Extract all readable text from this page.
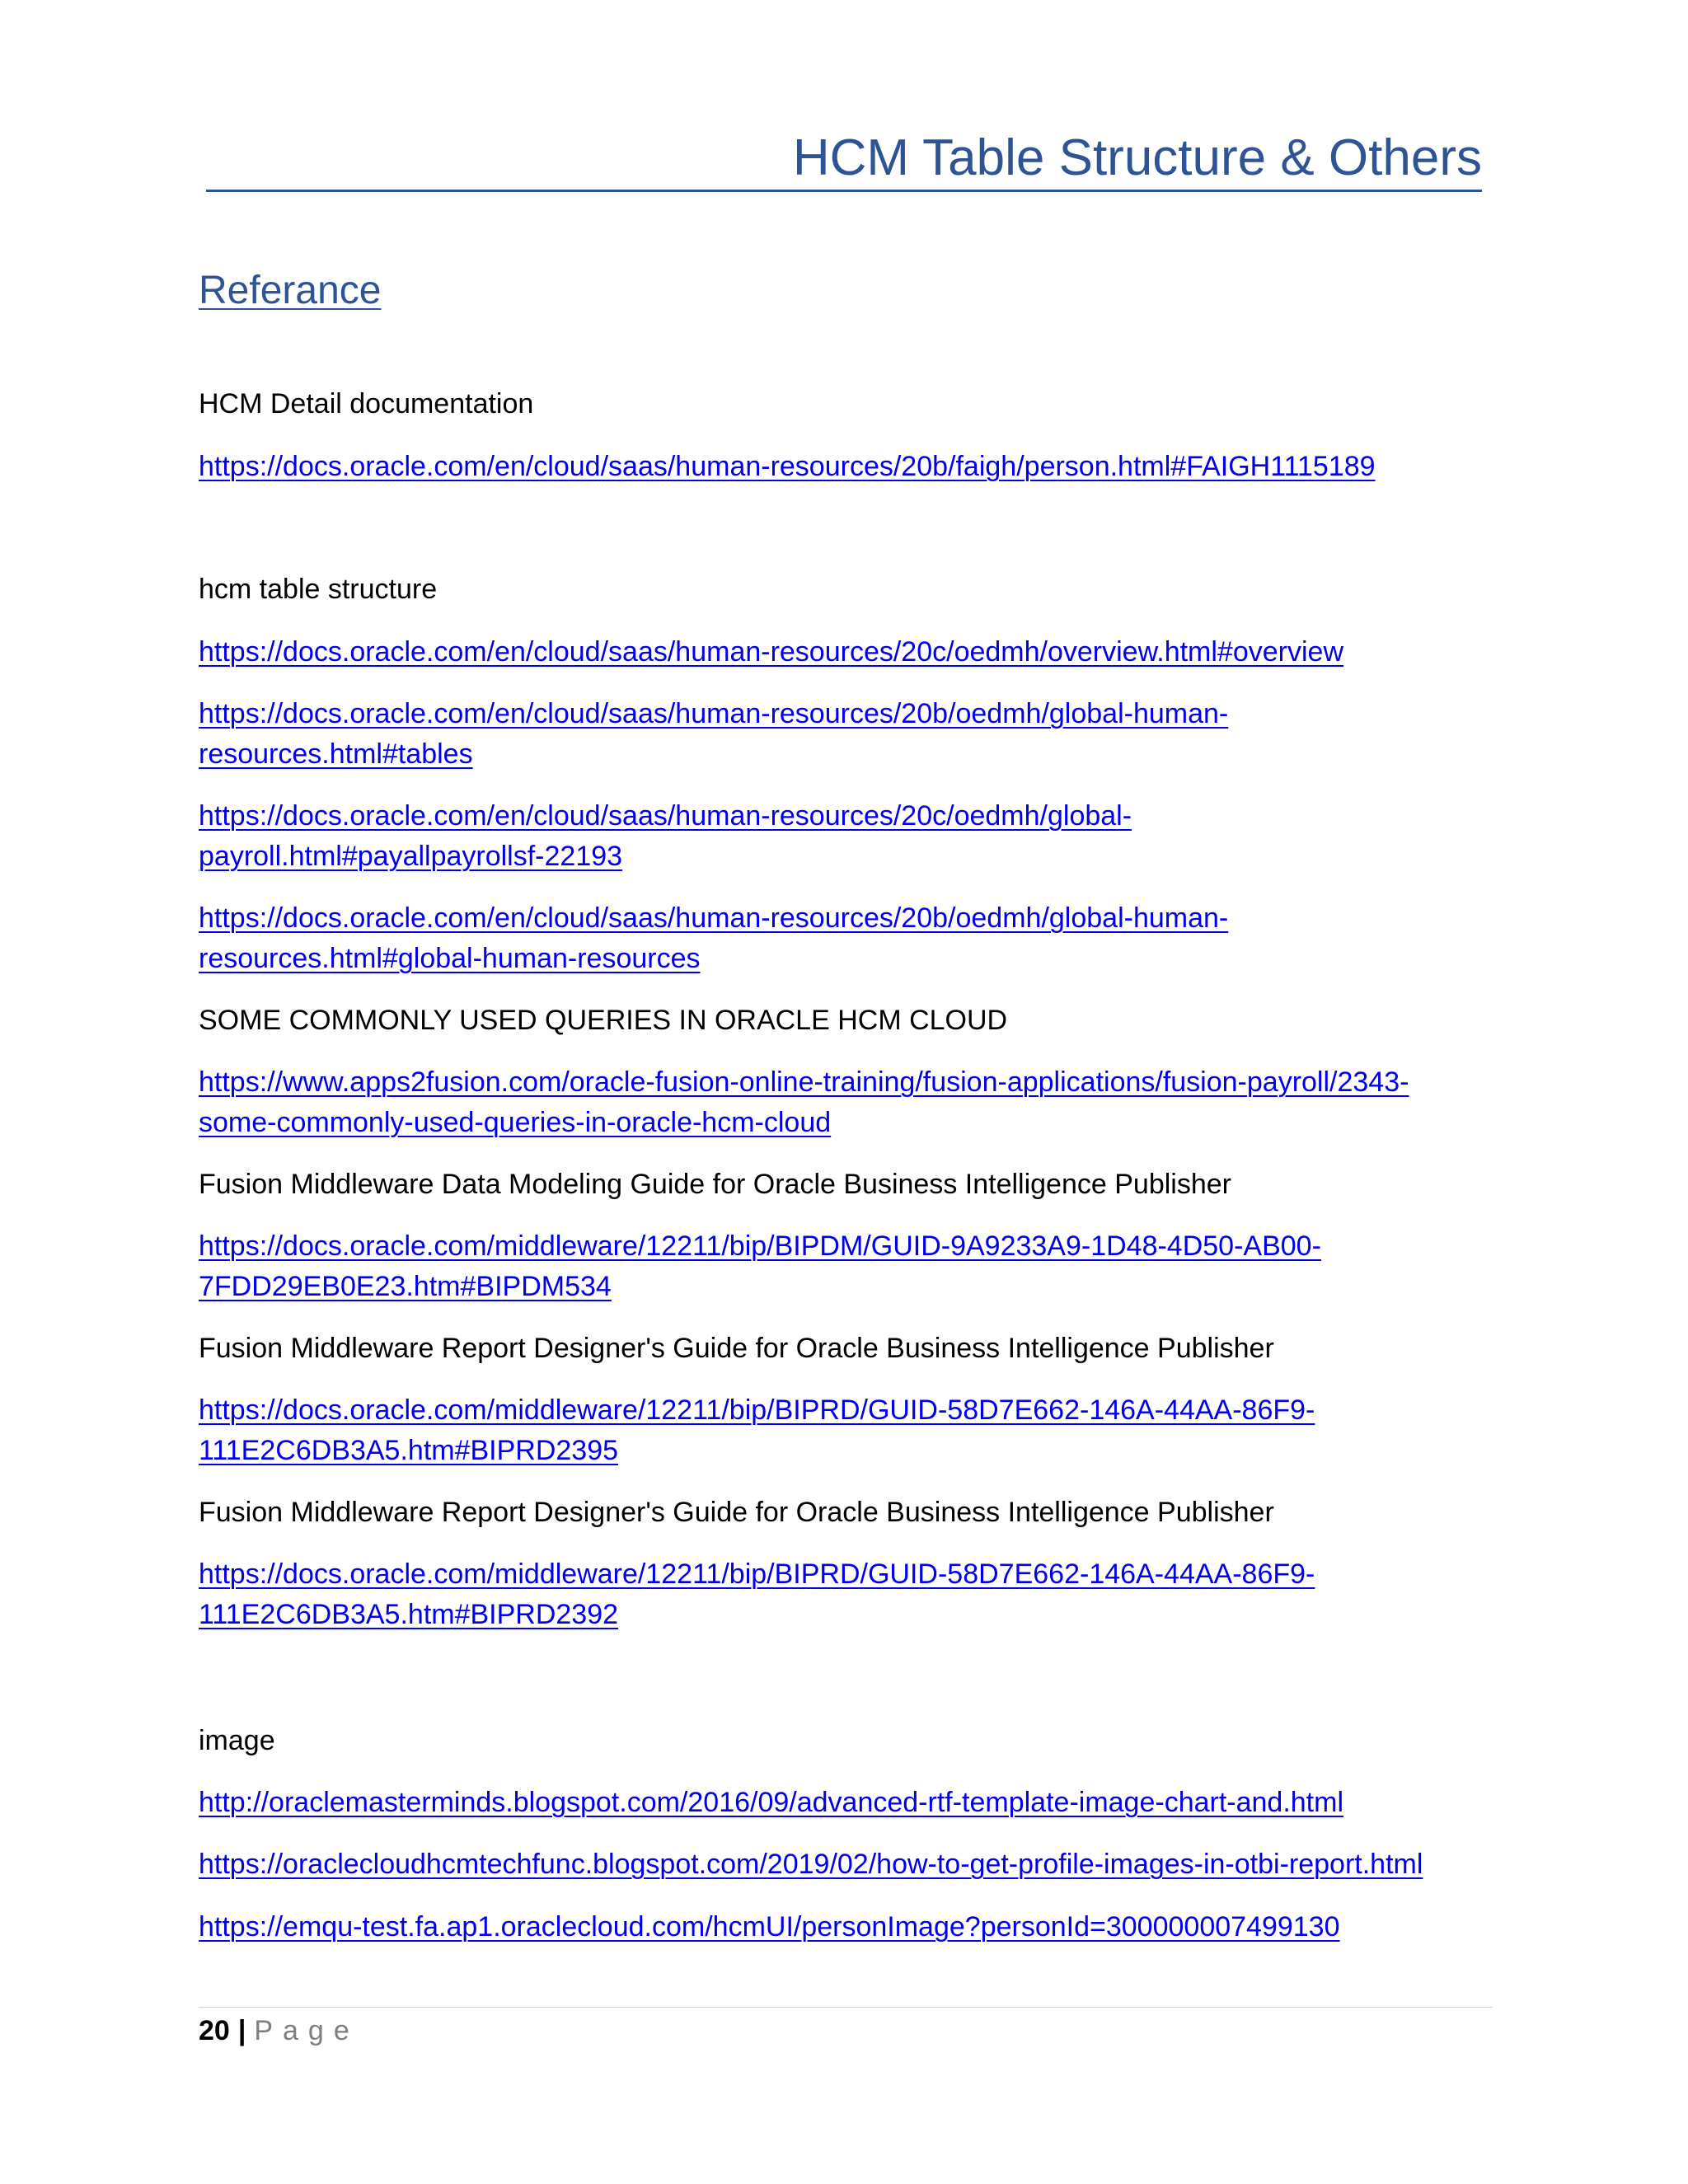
HCM Table Structure & Others
Referance
HCM Detail documentation
https://docs.oracle.com/en/cloud/saas/human-resources/20b/faigh/person.html#FAIGH1115189
hcm table structure
https://docs.oracle.com/en/cloud/saas/human-resources/20c/oedmh/overview.html#overview
https://docs.oracle.com/en/cloud/saas/human-resources/20b/oedmh/global-human-
resources.html#tables
https://docs.oracle.com/en/cloud/saas/human-resources/20c/oedmh/global-
payroll.html#payallpayrollsf-22193
https://docs.oracle.com/en/cloud/saas/human-resources/20b/oedmh/global-human-
resources.html#global-human-resources
SOME COMMONLY USED QUERIES IN ORACLE HCM CLOUD
https://www.apps2fusion.com/oracle-fusion-online-training/fusion-applications/fusion-payroll/2343-
some-commonly-used-queries-in-oracle-hcm-cloud
Fusion Middleware Data Modeling Guide for Oracle Business Intelligence Publisher
https://docs.oracle.com/middleware/12211/bip/BIPDM/GUID-9A9233A9-1D48-4D50-AB00-
7FDD29EB0E23.htm#BIPDM534
Fusion Middleware Report Designer's Guide for Oracle Business Intelligence Publisher
https://docs.oracle.com/middleware/12211/bip/BIPRD/GUID-58D7E662-146A-44AA-86F9-
111E2C6DB3A5.htm#BIPRD2395
Fusion Middleware Report Designer's Guide for Oracle Business Intelligence Publisher
https://docs.oracle.com/middleware/12211/bip/BIPRD/GUID-58D7E662-146A-44AA-86F9-
111E2C6DB3A5.htm#BIPRD2392
image
http://oraclemasterminds.blogspot.com/2016/09/advanced-rtf-template-image-chart-and.html
https://oraclecloudhcmtechfunc.blogspot.com/2019/02/how-to-get-profile-images-in-otbi-report.html
https://emqu-test.fa.ap1.oraclecloud.com/hcmUI/personImage?personId=300000007499130
20 | Page
